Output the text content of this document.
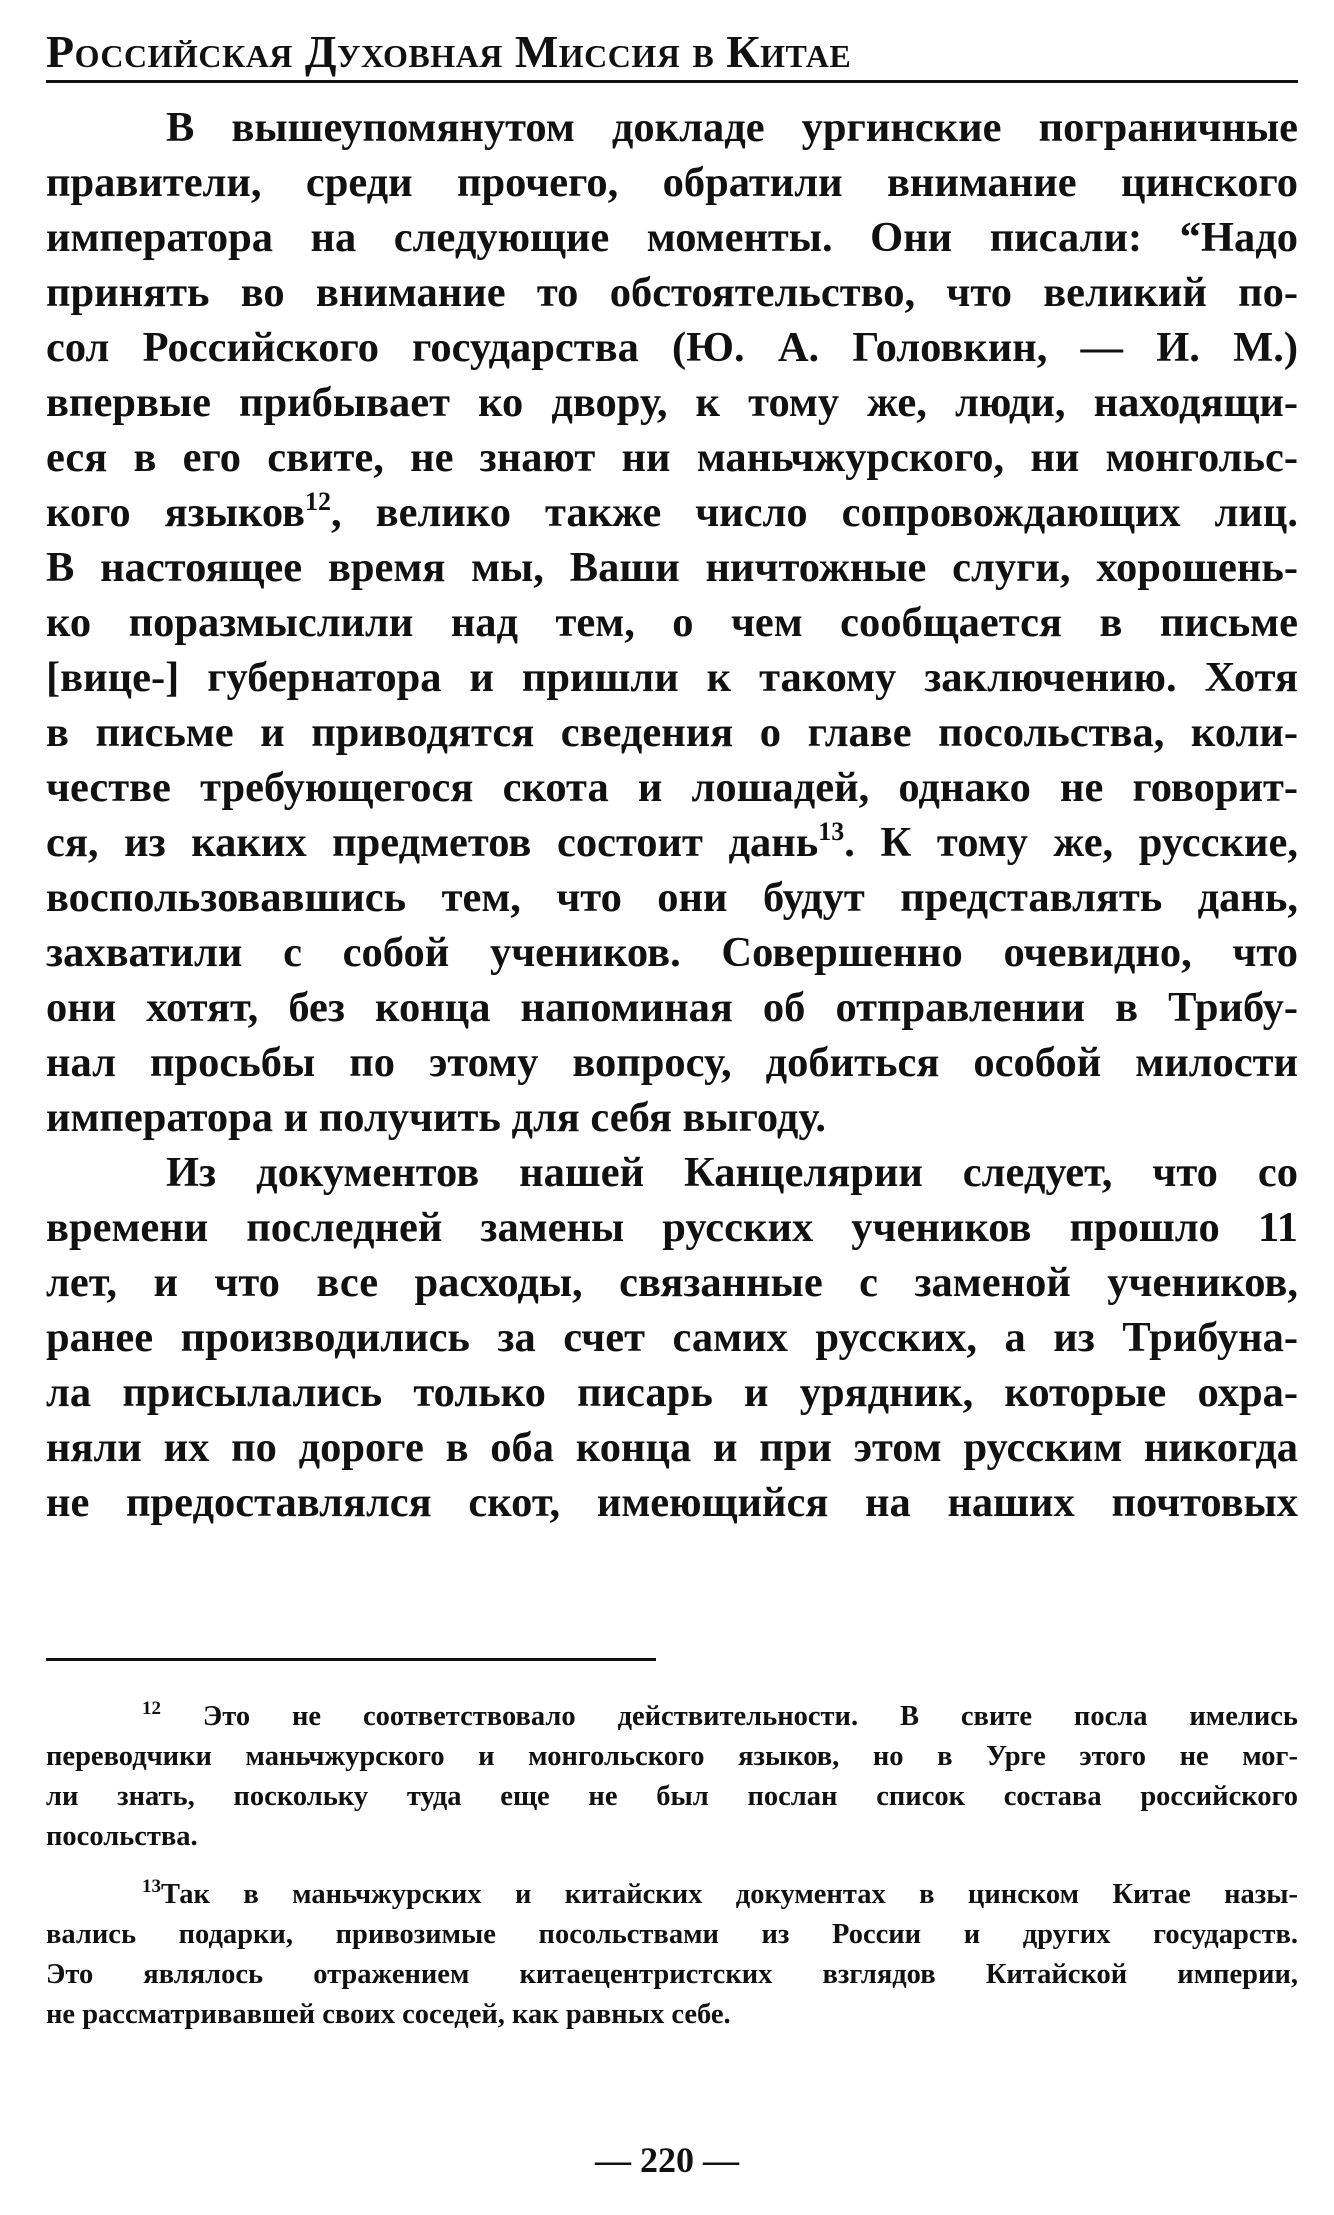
Российская Духовная Миссия в Китае
В вышеупомянутом докладе ургинские пограничные
правители, среди прочего, обратили внимание цинского
императора на следующие моменты. Они писали: “Надо
принять во внимание то обстоятельство, что великий по-
сол Российского государства (Ю. А. Головкин, — И. М.)
впервые прибывает ко двору, к тому же, люди, находящи-
еся в его свите, не знают ни маньчжурского, ни монгольс-
кого языков$^{12}$, велико также число сопровождающих лиц.
В настоящее время мы, Ваши ничтожные слуги, хорошень-
ко поразмыслили над тем, о чем сообщается в письме
[вице-] губернатора и пришли к такому заключению. Хотя
в письме и приводятся сведения о главе посольства, коли-
честве требующегося скота и лошадей, однако не говорит-
ся, из каких предметов состоит дань$^{13}$. К тому же, русские,
воспользовавшись тем, что они будут представлять дань,
захватили с собой учеников. Совершенно очевидно, что
они хотят, без конца напоминая об отправлении в Трибу-
нал просьбы по этому вопросу, добиться особой милости
императора и получить для себя выгоду.
Из документов нашей Канцелярии следует, что со
времени последней замены русских учеников прошло 11
лет, и что все расходы, связанные с заменой учеников,
ранее производились за счет самих русских, а из Трибуна-
ла присылались только писарь и урядник, которые охра-
няли их по дороге в оба конца и при этом русским никогда
не предоставлялся скот, имеющийся на наших почтовых
$^{12}$ Это не соответствовало действительности. В свите посла имелись
переводчики маньчжурского и монгольского языков, но в Урге этого не мог-
ли знать, поскольку туда еще не был послан список состава российского
посольства.
$^{13}$Так в маньчжурских и китайских документах в цинском Китае назы-
вались подарки, привозимые посольствами из России и других государств.
Это являлось отражением китаецентристских взглядов Китайской империи,
не рассматривавшей своих соседей, как равных себе.
— 220 —
